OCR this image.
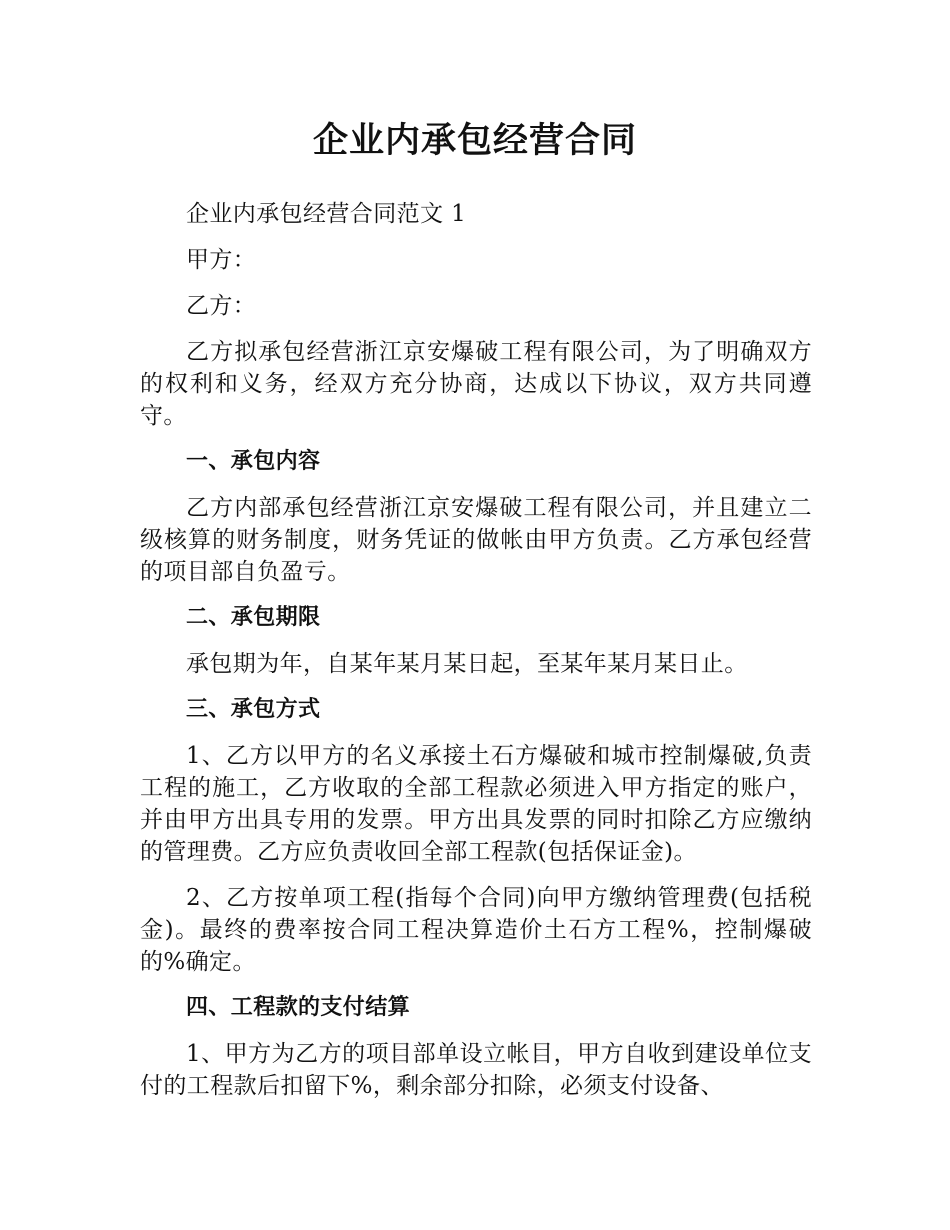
企业内承包经营合同

企业内承包经营合同范文 1

甲方：

乙方：

乙方拟承包经营浙江京安爆破工程有限公司，为了明确双方的权利和义务，经双方充分协商，达成以下协议，双方共同遵守。

一、承包内容

乙方内部承包经营浙江京安爆破工程有限公司，并且建立二级核算的财务制度，财务凭证的做帐由甲方负责。乙方承包经营的项目部自负盈亏。

二、承包期限

承包期为年，自某年某月某日起，至某年某月某日止。

三、承包方式

1、乙方以甲方的名义承接土石方爆破和城市控制爆破,负责工程的施工，乙方收取的全部工程款必须进入甲方指定的账户，并由甲方出具专用的发票。甲方出具发票的同时扣除乙方应缴纳的管理费。乙方应负责收回全部工程款(包括保证金)。

2、乙方按单项工程(指每个合同)向甲方缴纳管理费(包括税金)。最终的费率按合同工程决算造价土石方工程%，控制爆破的%确定。

四、工程款的支付结算

1、甲方为乙方的项目部单设立帐目，甲方自收到建设单位支付的工程款后扣留下%，剩余部分扣除，必须支付设备、
